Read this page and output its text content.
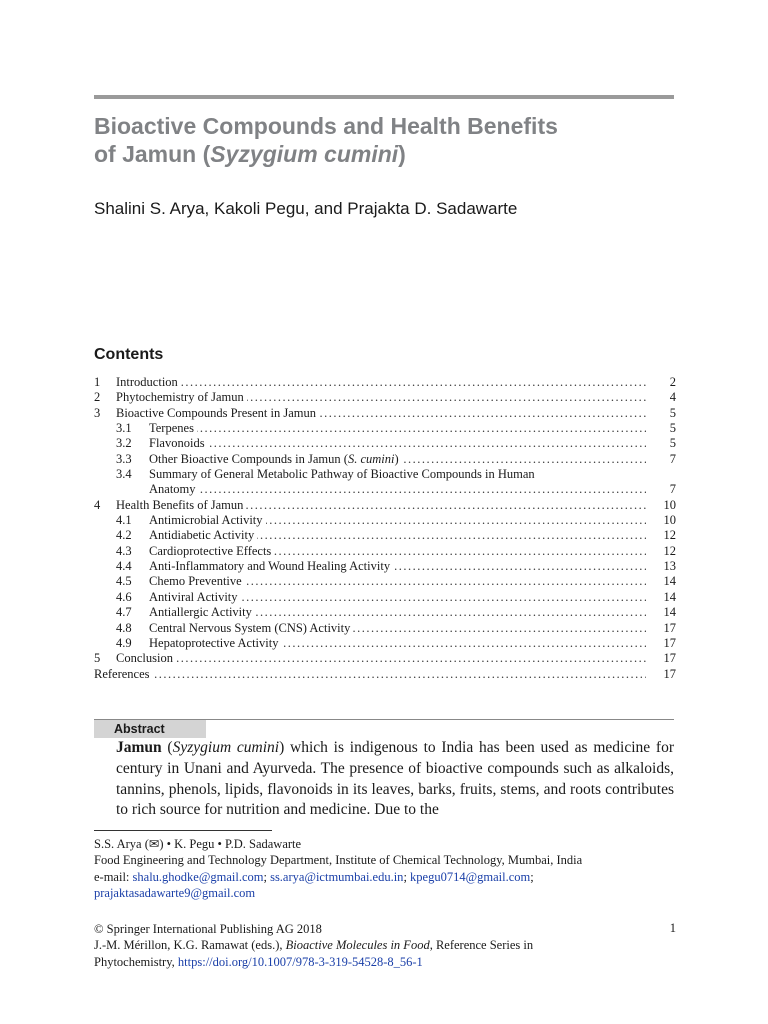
Bioactive Compounds and Health Benefits
of Jamun (Syzygium cumini)
Shalini S. Arya, Kakoli Pegu, and Prajakta D. Sadawarte
Contents
1 Introduction .....	2
2 Phytochemistry of Jamun .....	4
3 Bioactive Compounds Present in Jamun .....	5
3.1 Terpenes .....	5
3.2 Flavonoids .....	5
3.3 Other Bioactive Compounds in Jamun (S. cumini) .....	7
3.4 Summary of General Metabolic Pathway of Bioactive Compounds in Human
Anatomy .....	7
4 Health Benefits of Jamun .....	10
4.1 Antimicrobial Activity .....	10
4.2 Antidiabetic Activity .....	12
4.3 Cardioprotective Effects .....	12
4.4 Anti-Inflammatory and Wound Healing Activity .....	13
4.5 Chemo Preventive .....	14
4.6 Antiviral Activity .....	14
4.7 Antiallergic Activity .....	14
4.8 Central Nervous System (CNS) Activity .....	17
4.9 Hepatoprotective Activity .....	17
5 Conclusion .....	17
References .....	17
Abstract
Jamun (Syzygium cumini) which is indigenous to India has been used as medicine for century in Unani and Ayurveda. The presence of bioactive compounds such as alkaloids, tannins, phenols, lipids, flavonoids in its leaves, barks, fruits, stems, and roots contributes to rich source for nutrition and medicine. Due to the
S.S. Arya (✉) • K. Pegu • P.D. Sadawarte
Food Engineering and Technology Department, Institute of Chemical Technology, Mumbai, India
e-mail: shalu.ghodke@gmail.com; ss.arya@ictmumbai.edu.in; kpegu0714@gmail.com;
prajaktasadawarte9@gmail.com
© Springer International Publishing AG 2018
J.-M. Mérillon, K.G. Ramawat (eds.), Bioactive Molecules in Food, Reference Series in
Phytochemistry, https://doi.org/10.1007/978-3-319-54528-8_56-1
1
